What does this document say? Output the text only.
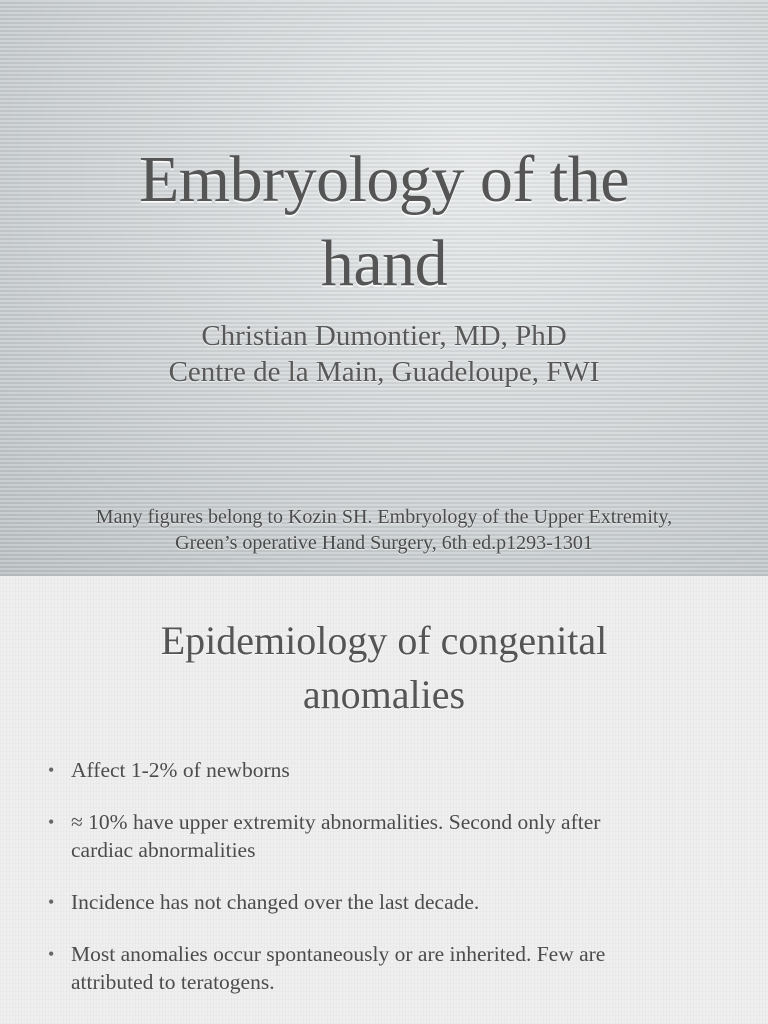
Embryology of the
hand
Christian Dumontier, MD, PhD
Centre de la Main, Guadeloupe, FWI
Many figures belong to Kozin SH. Embryology of the Upper Extremity,
Green’s operative Hand Surgery, 6th ed.p1293-1301
Epidemiology of congenital
anomalies
• Affect 1-2% of newborns
• ≈ 10% have upper extremity abnormalities. Second only after
cardiac abnormalities
• Incidence has not changed over the last decade.
• Most anomalies occur spontaneously or are inherited. Few are
attributed to teratogens.
